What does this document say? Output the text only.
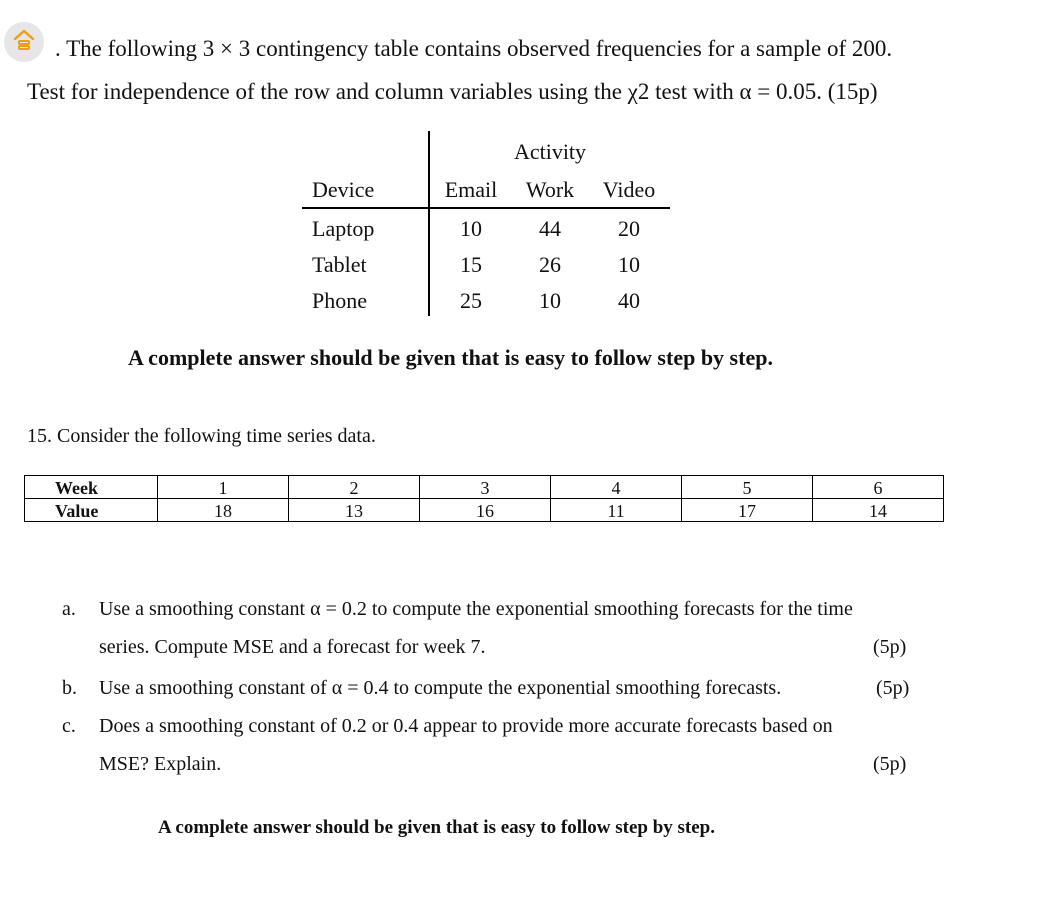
. The following 3 × 3 contingency table contains observed frequencies for a sample of 200.
Test for independence of the row and column variables using the χ2 test with α = 0.05. (15p)
Activity
Device	Email	Work	Video
Laptop	10	44	20
Tablet	15	26	10
Phone	25	10	40
A complete answer should be given that is easy to follow step by step.
15. Consider the following time series data.
Week	1	2	3	4	5	6
Value	18	13	16	11	17	14
a. Use a smoothing constant α = 0.2 to compute the exponential smoothing forecasts for the time
series. Compute MSE and a forecast for week 7.	(5p)
b. Use a smoothing constant of α = 0.4 to compute the exponential smoothing forecasts.	(5p)
c. Does a smoothing constant of 0.2 or 0.4 appear to provide more accurate forecasts based on
MSE? Explain.	(5p)
A complete answer should be given that is easy to follow step by step.
